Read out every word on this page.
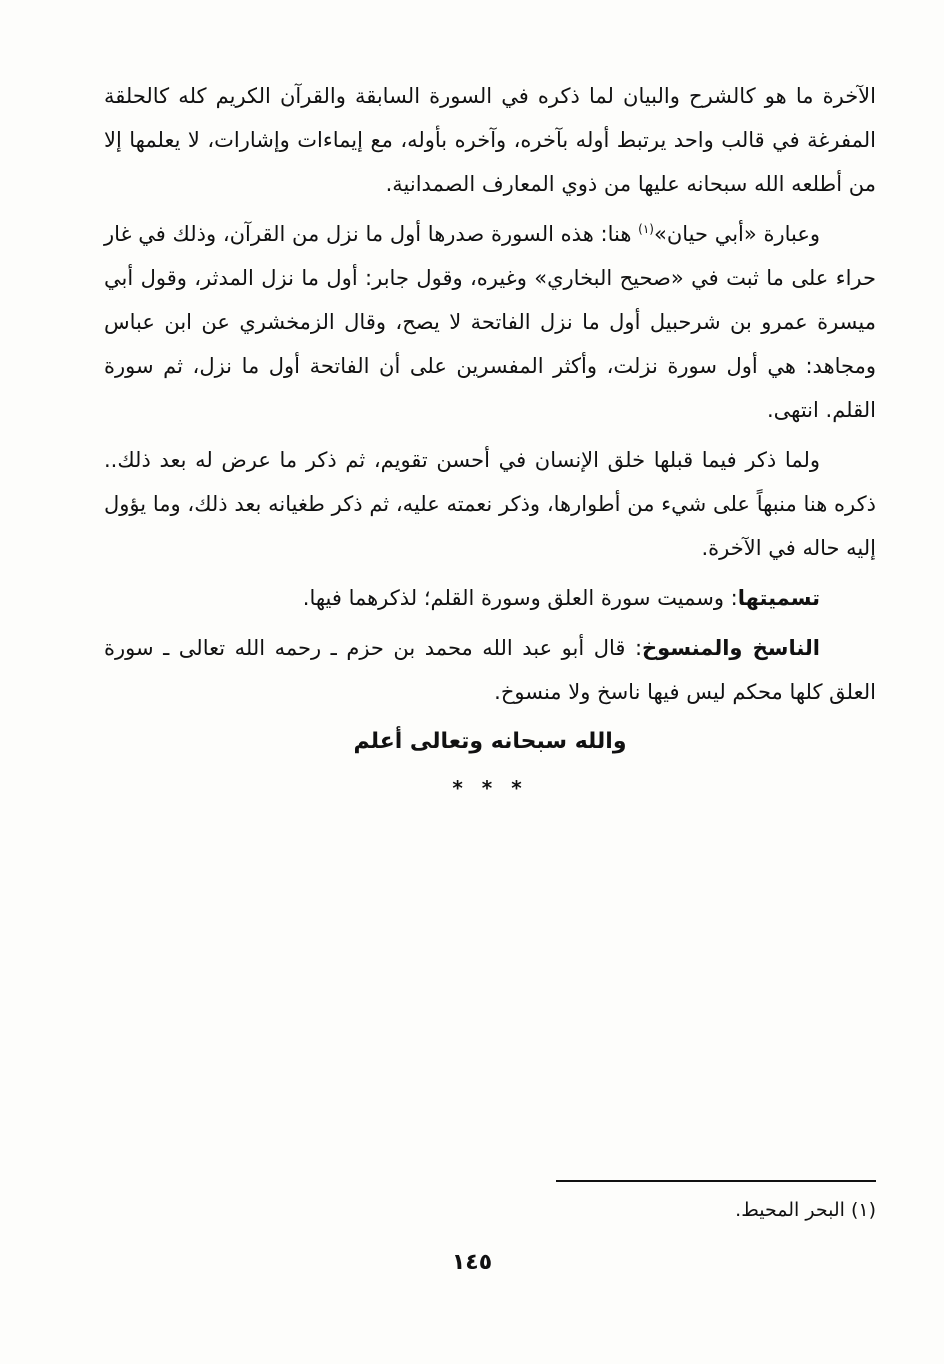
الآخرة ما هو كالشرح والبيان لما ذكره في السورة السابقة والقرآن الكريم كله كالحلقة المفرغة في قالب واحد يرتبط أوله بآخره، وآخره بأوله، مع إيماءات وإشارات، لا يعلمها إلا من أطلعه الله سبحانه عليها من ذوي المعارف الصمدانية.

وعبارة «أبي حيان»$^{(١)}$ هنا: هذه السورة صدرها أول ما نزل من القرآن، وذلك في غار حراء على ما ثبت في «صحيح البخاري» وغيره، وقول جابر: أول ما نزل المدثر، وقول أبي ميسرة عمرو بن شرحبيل أول ما نزل الفاتحة لا يصح، وقال الزمخشري عن ابن عباس ومجاهد: هي أول سورة نزلت، وأكثر المفسرين على أن الفاتحة أول ما نزل، ثم سورة القلم. انتهى.

ولما ذكر فيما قبلها خلق الإنسان في أحسن تقويم، ثم ذكر ما عرض له بعد ذلك.. ذكره هنا منبهاً على شيء من أطوارها، وذكر نعمته عليه، ثم ذكر طغيانه بعد ذلك، وما يؤول إليه حاله في الآخرة.

تسميتها: وسميت سورة العلق وسورة القلم؛ لذكرهما فيها.

الناسخ والمنسوخ: قال أبو عبد الله محمد بن حزم ـ رحمه الله تعالى ـ سورة العلق كلها محكم ليس فيها ناسخ ولا منسوخ.

والله سبحانه وتعالى أعلم
* * *
(١) البحر المحيط.
١٤٥
